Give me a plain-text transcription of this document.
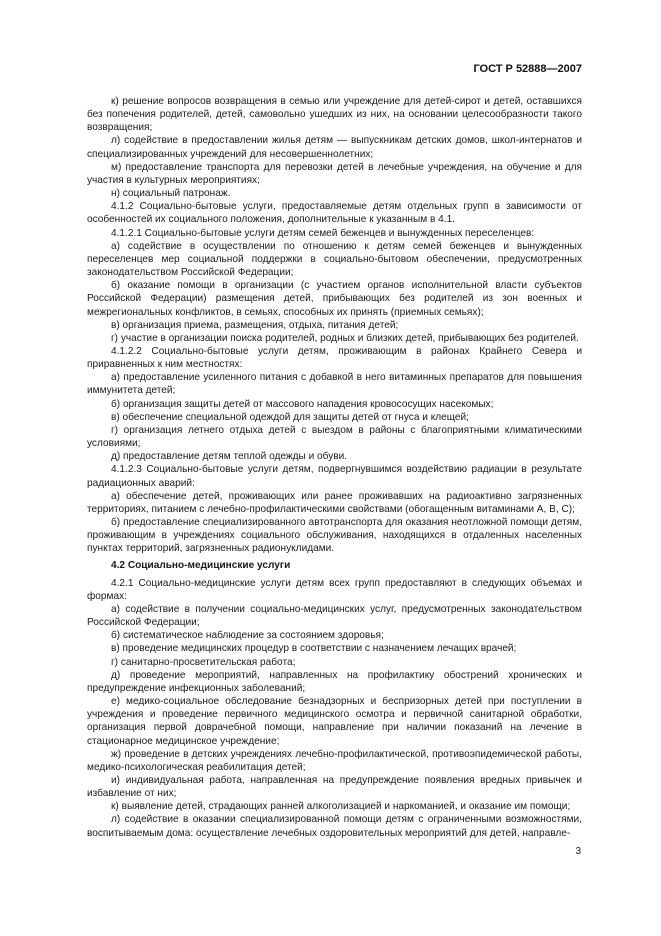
ГОСТ Р 52888—2007

к) решение вопросов возвращения в семью или учреждение для детей-сирот и детей, оставшихся без попечения родителей, детей, самовольно ушедших из них, на основании целесообразности такого возвращения;

л) содействие в предоставлении жилья детям — выпускникам детских домов, школ-интернатов и специализированных учреждений для несовершеннолетних;

м) предоставление транспорта для перевозки детей в лечебные учреждения, на обучение и для участия в культурных мероприятиях;

н) социальный патронаж.

4.1.2 Социально-бытовые услуги, предоставляемые детям отдельных групп в зависимости от особенностей их социального положения, дополнительные к указанным в 4.1.

4.1.2.1 Социально-бытовые услуги детям семей беженцев и вынужденных переселенцев:

а) содействие в осуществлении по отношению к детям семей беженцев и вынужденных переселенцев мер социальной поддержки в социально-бытовом обеспечении, предусмотренных законодательством Российской Федерации;

б) оказание помощи в организации (с участием органов исполнительной власти субъектов Российской Федерации) размещения детей, прибывающих без родителей из зон военных и межрегиональных конфликтов, в семьях, способных их принять (приемных семьях);

в) организация приема, размещения, отдыха, питания детей;

г) участие в организации поиска родителей, родных и близких детей, прибывающих без родителей.

4.1.2.2 Социально-бытовые услуги детям, проживающим в районах Крайнего Севера и приравненных к ним местностях:

а) предоставление усиленного питания с добавкой в него витаминных препаратов для повышения иммунитета детей;

б) организация защиты детей от массового нападения кровососущих насекомых;

в) обеспечение специальной одеждой для защиты детей от гнуса и клещей;

г) организация летнего отдыха детей с выездом в районы с благоприятными климатическими условиями;

д) предоставление детям теплой одежды и обуви.

4.1.2.3 Социально-бытовые услуги детям, подвергнувшимся воздействию радиации в результате радиационных аварий:

а) обеспечение детей, проживающих или ранее проживавших на радиоактивно загрязненных территориях, питанием с лечебно-профилактическими свойствами (обогащенным витаминами А, В, С);

б) предоставление специализированного автотранспорта для оказания неотложной помощи детям, проживающим в учреждениях социального обслуживания, находящихся в отдаленных населенных пунктах территорий, загрязненных радионуклидами.

4.2 Социально-медицинские услуги

4.2.1 Социально-медицинские услуги детям всех групп предоставляют в следующих объемах и формах:

а) содействие в получении социально-медицинских услуг, предусмотренных законодательством Российской Федерации;

б) систематическое наблюдение за состоянием здоровья;

в) проведение медицинских процедур в соответствии с назначением лечащих врачей;

г) санитарно-просветительская работа;

д) проведение мероприятий, направленных на профилактику обострений хронических и предупреждение инфекционных заболеваний;

е) медико-социальное обследование безнадзорных и беспризорных детей при поступлении в учреждения и проведение первичного медицинского осмотра и первичной санитарной обработки, организация первой доврачебной помощи, направление при наличии показаний на лечение в стационарное медицинское учреждение;

ж) проведение в детских учреждениях лечебно-профилактической, противоэпидемической работы, медико-психологическая реабилитация детей;

и) индивидуальная работа, направленная на предупреждение появления вредных привычек и избавление от них;

к) выявление детей, страдающих ранней алкоголизацией и наркоманией, и оказание им помощи;

л) содействие в оказании специализированной помощи детям с ограниченными возможностями, воспитываемым дома: осуществление лечебных оздоровительных мероприятий для детей, направле-

3
